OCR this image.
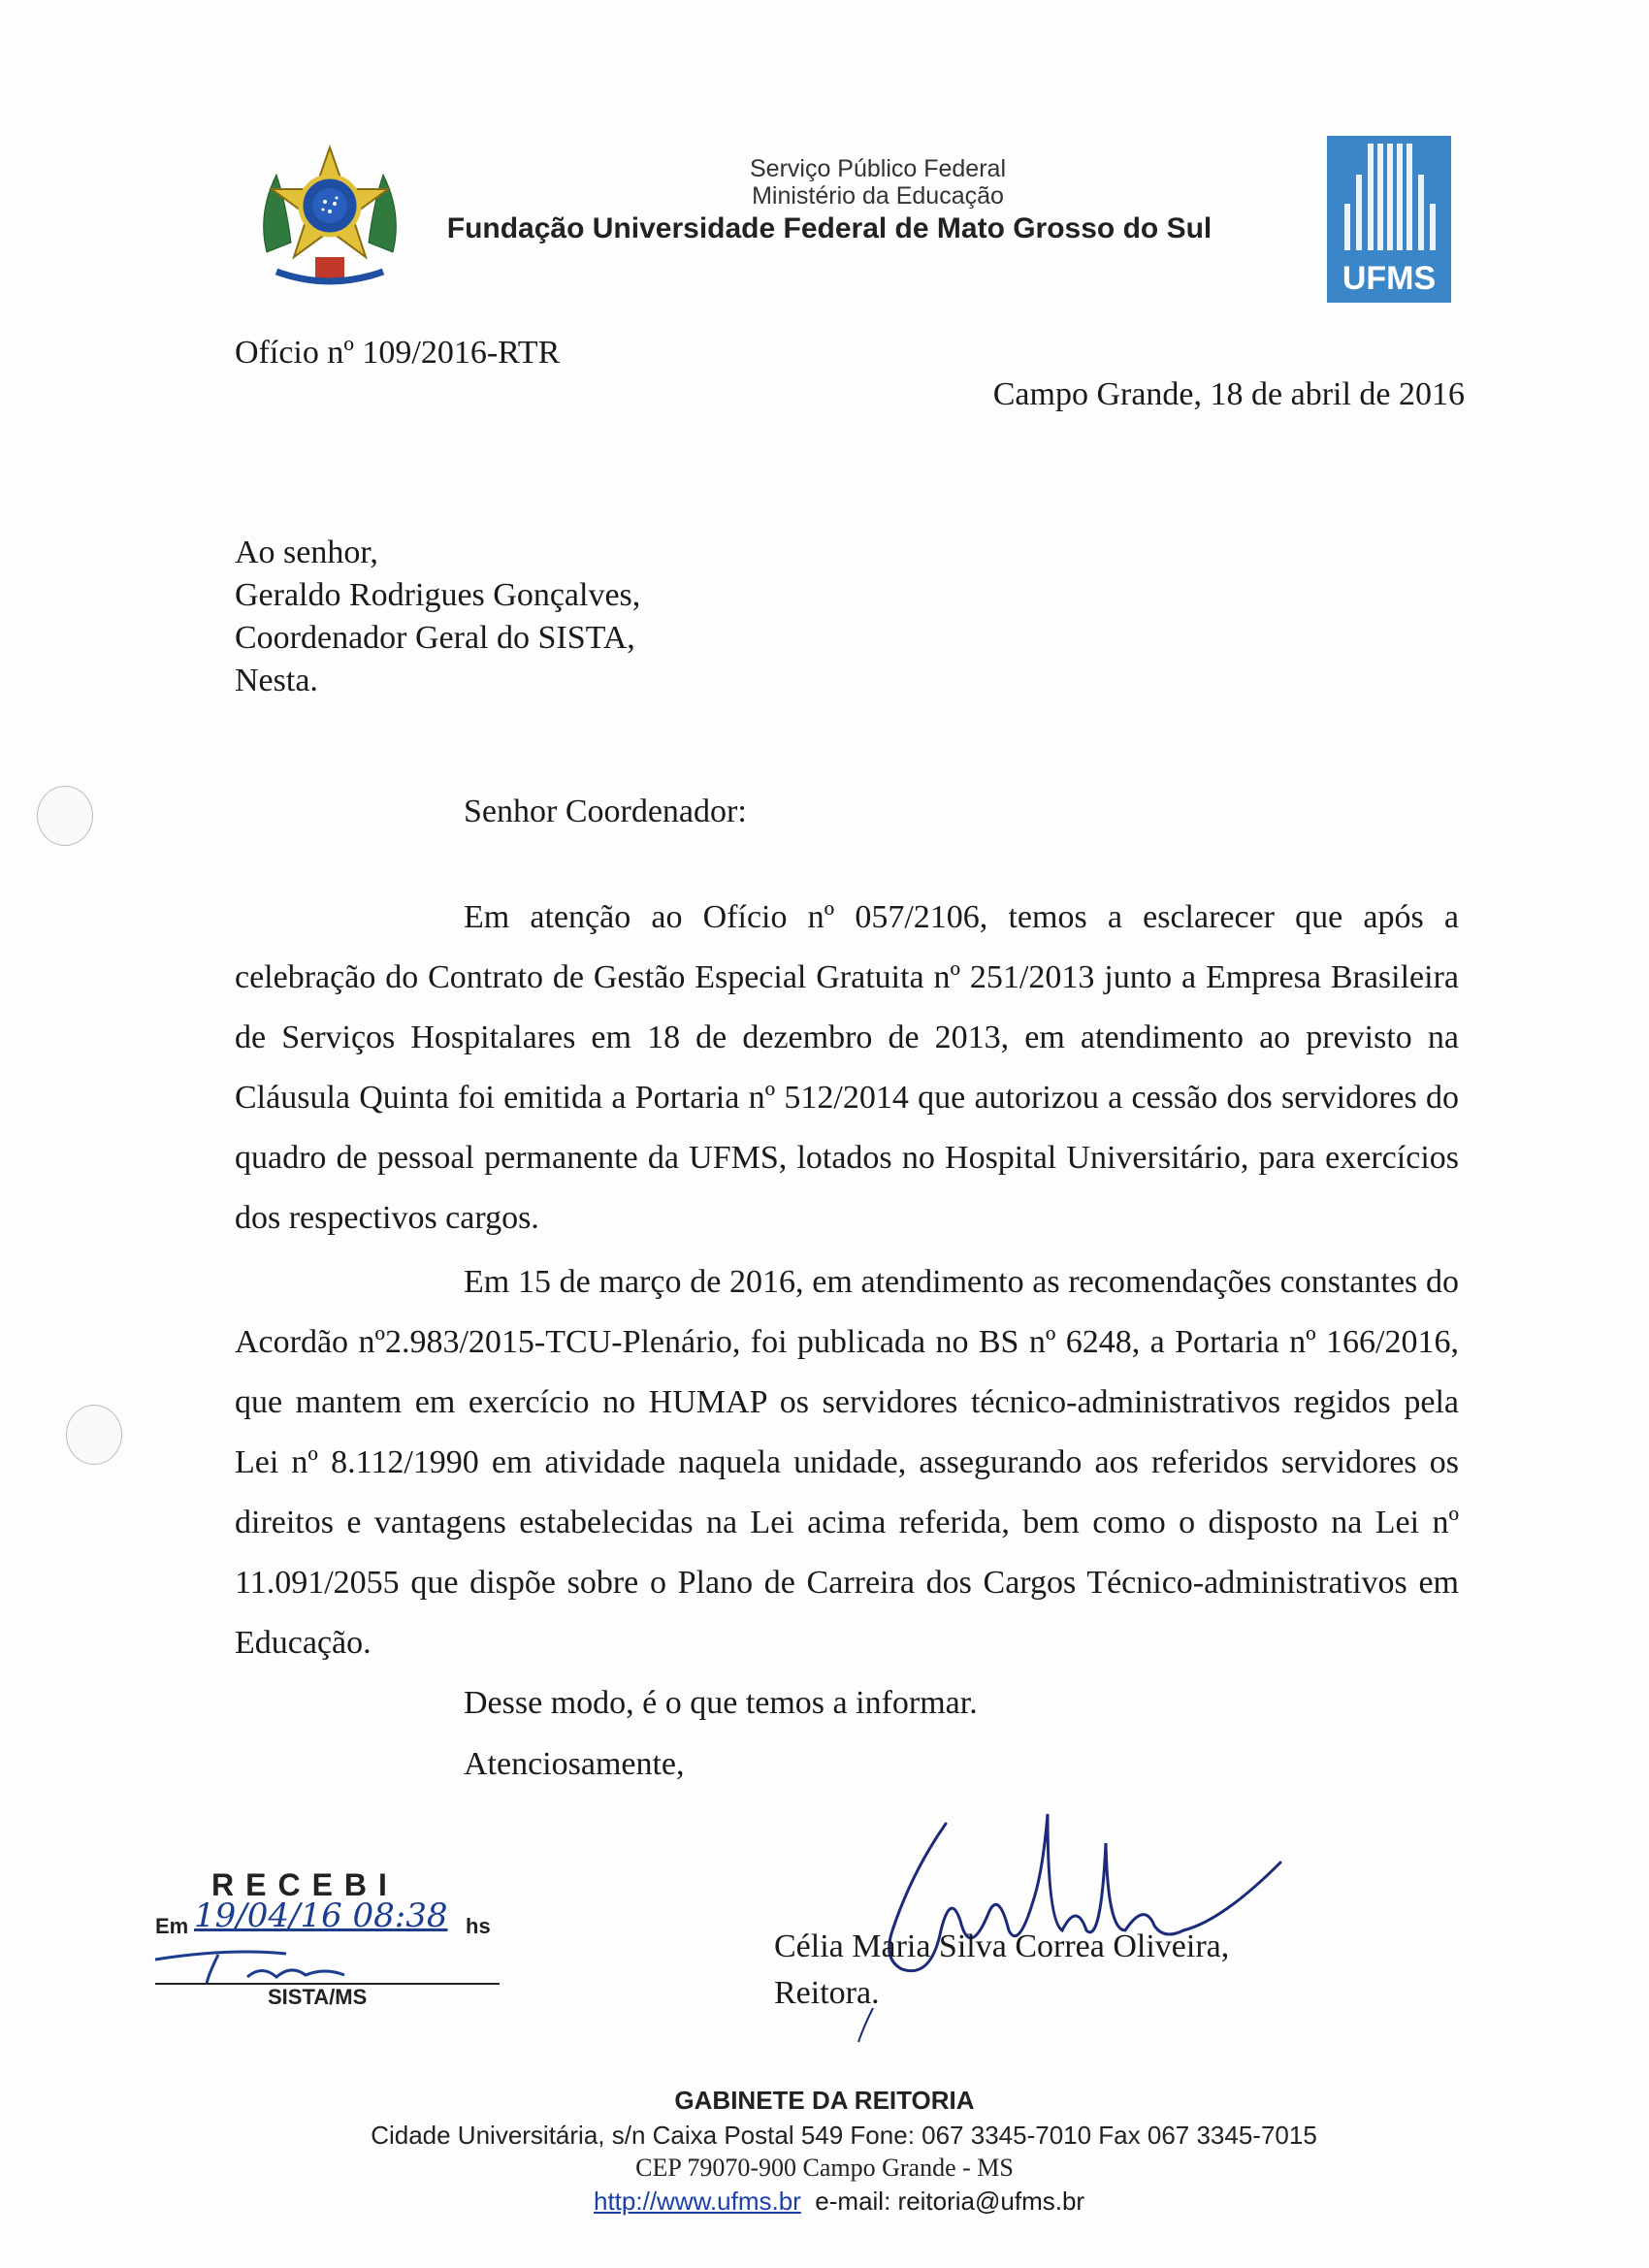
Serviço Público Federal
Ministério da Educação
Fundação Universidade Federal de Mato Grosso do Sul
UFMS
Ofício nº 109/2016-RTR
Campo Grande, 18 de abril de 2016
Ao senhor,
Geraldo Rodrigues Gonçalves,
Coordenador Geral do SISTA,
Nesta.
Senhor Coordenador:
Em atenção ao Ofício nº 057/2106, temos a esclarecer que após a celebração do Contrato de Gestão Especial Gratuita nº 251/2013 junto a Empresa Brasileira de Serviços Hospitalares em 18 de dezembro de 2013, em atendimento ao previsto na Cláusula Quinta foi emitida a Portaria nº 512/2014 que autorizou a cessão dos servidores do quadro de pessoal permanente da UFMS, lotados no Hospital Universitário, para exercícios dos respectivos cargos.
Em 15 de março de 2016, em atendimento as recomendações constantes do Acordão nº2.983/2015-TCU-Plenário, foi publicada no BS nº 6248, a Portaria nº 166/2016, que mantem em exercício no HUMAP os servidores técnico-administrativos regidos pela Lei nº 8.112/1990 em atividade naquela unidade, assegurando aos referidos servidores os direitos e vantagens estabelecidas na Lei acima referida, bem como o disposto na Lei nº 11.091/2055 que dispõe sobre o Plano de Carreira dos Cargos Técnico-administrativos em Educação.
Desse modo, é o que temos a informar.
Atenciosamente,
Célia Maria Silva Correa Oliveira,
Reitora.
RECEBI
Em 19/04/16 08:38 hs
SISTA/MS
GABINETE DA REITORIA
Cidade Universitária, s/n Caixa Postal 549 Fone: 067 3345-7010 Fax 067 3345-7015
CEP 79070-900 Campo Grande - MS
http://www.ufms.br e-mail: reitoria@ufms.br
